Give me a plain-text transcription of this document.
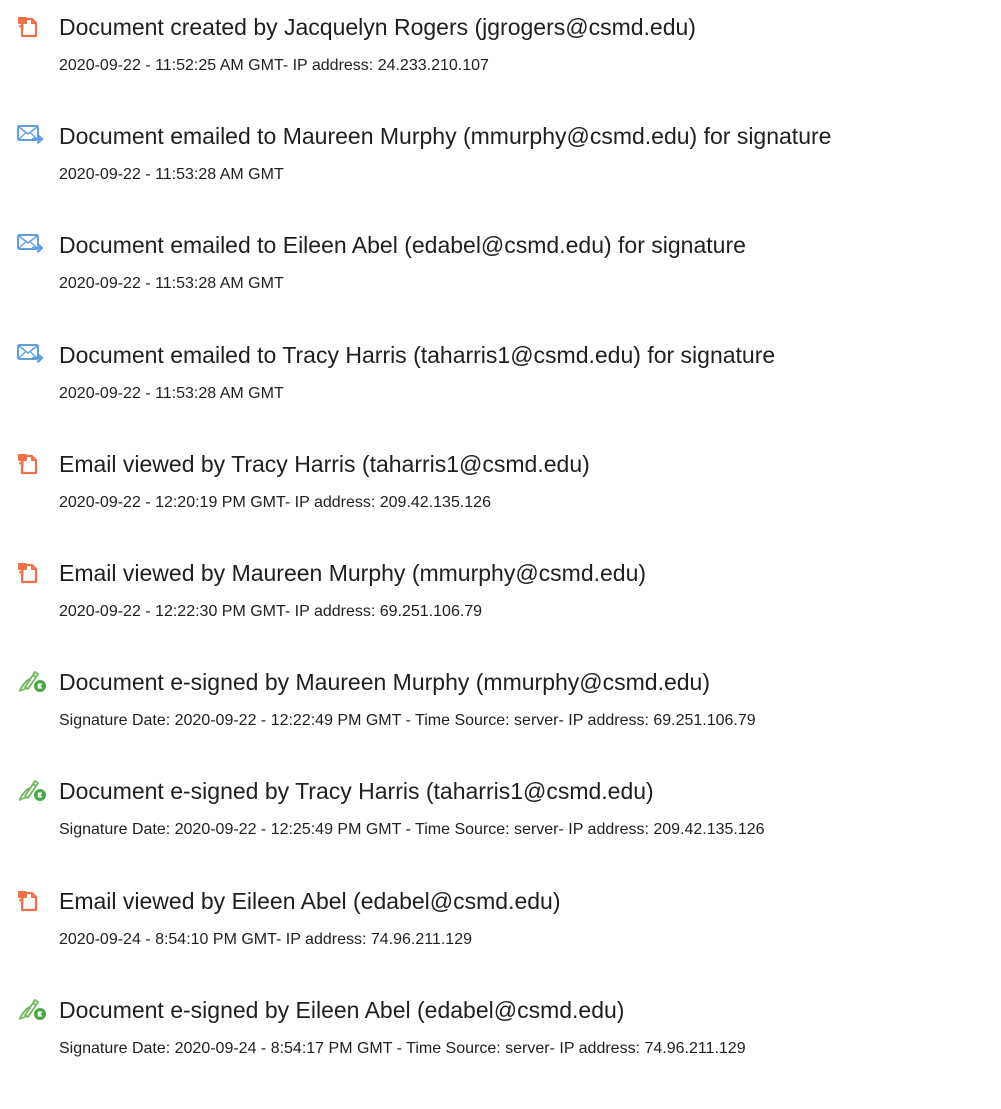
Document created by Jacquelyn Rogers (jgrogers@csmd.edu)
2020-09-22 - 11:52:25 AM GMT- IP address: 24.233.210.107
Document emailed to Maureen Murphy (mmurphy@csmd.edu) for signature
2020-09-22 - 11:53:28 AM GMT
Document emailed to Eileen Abel (edabel@csmd.edu) for signature
2020-09-22 - 11:53:28 AM GMT
Document emailed to Tracy Harris (taharris1@csmd.edu) for signature
2020-09-22 - 11:53:28 AM GMT
Email viewed by Tracy Harris (taharris1@csmd.edu)
2020-09-22 - 12:20:19 PM GMT- IP address: 209.42.135.126
Email viewed by Maureen Murphy (mmurphy@csmd.edu)
2020-09-22 - 12:22:30 PM GMT- IP address: 69.251.106.79
Document e-signed by Maureen Murphy (mmurphy@csmd.edu)
Signature Date: 2020-09-22 - 12:22:49 PM GMT - Time Source: server- IP address: 69.251.106.79
Document e-signed by Tracy Harris (taharris1@csmd.edu)
Signature Date: 2020-09-22 - 12:25:49 PM GMT - Time Source: server- IP address: 209.42.135.126
Email viewed by Eileen Abel (edabel@csmd.edu)
2020-09-24 - 8:54:10 PM GMT- IP address: 74.96.211.129
Document e-signed by Eileen Abel (edabel@csmd.edu)
Signature Date: 2020-09-24 - 8:54:17 PM GMT - Time Source: server- IP address: 74.96.211.129
